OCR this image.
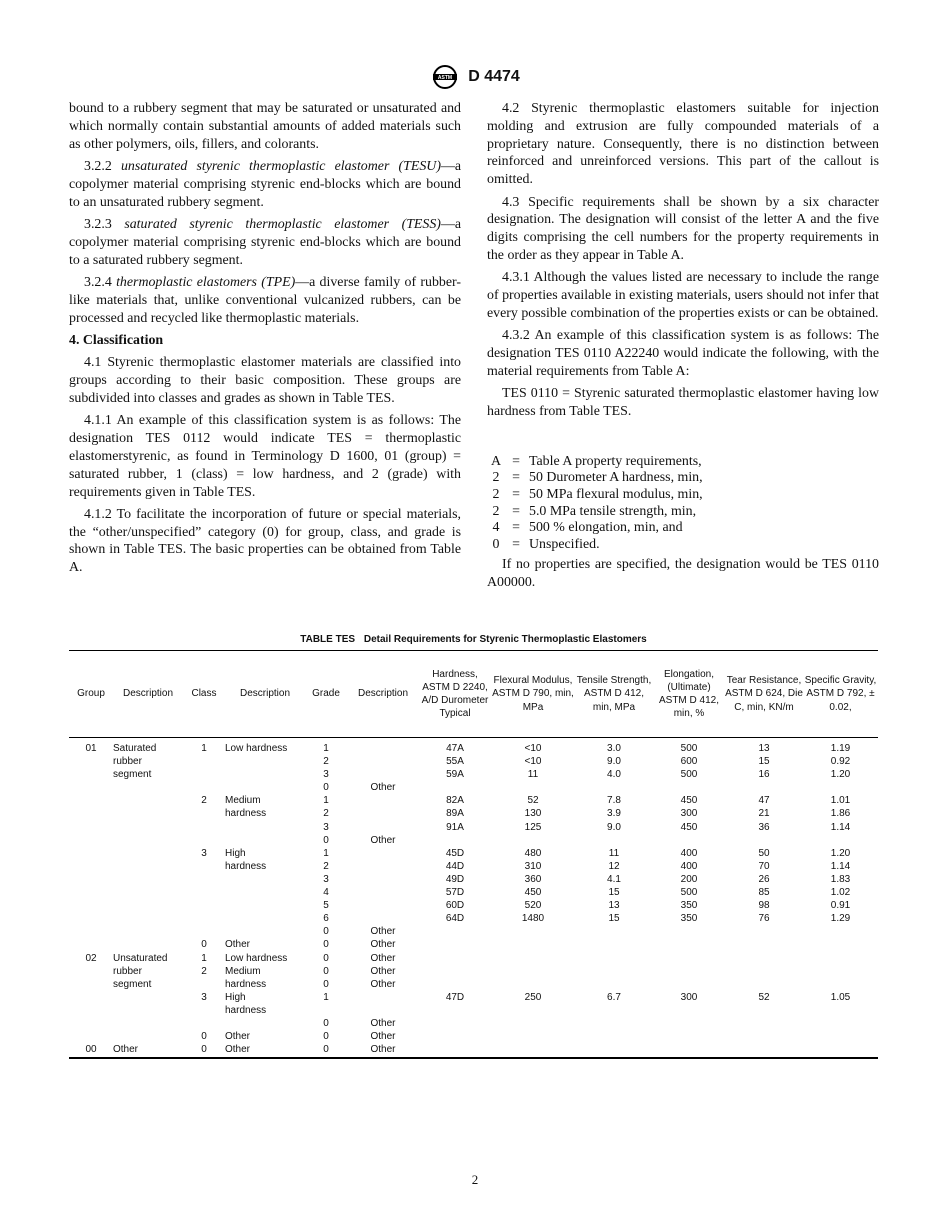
ASTM D 4474

bound to a rubbery segment that may be saturated or unsaturated and which normally contain substantial amounts of added materials such as other polymers, oils, fillers, and colorants.

3.2.2 unsaturated styrenic thermoplastic elastomer (TESU)—a copolymer material comprising styrenic end-blocks which are bound to an unsaturated rubbery segment.

3.2.3 saturated styrenic thermoplastic elastomer (TESS)—a copolymer material comprising styrenic end-blocks which are bound to a saturated rubbery segment.

3.2.4 thermoplastic elastomers (TPE)—a diverse family of rubber-like materials that, unlike conventional vulcanized rubbers, can be processed and recycled like thermoplastic materials.

4. Classification

4.1 Styrenic thermoplastic elastomer materials are classified into groups according to their basic composition. These groups are subdivided into classes and grades as shown in Table TES.

4.1.1 An example of this classification system is as follows: The designation TES 0112 would indicate TES = thermoplastic elastomerstyrenic, as found in Terminology D 1600, 01 (group) = saturated rubber, 1 (class) = low hardness, and 2 (grade) with requirements given in Table TES.

4.1.2 To facilitate the incorporation of future or special materials, the “other/unspecified” category (0) for group, class, and grade is shown in Table TES. The basic properties can be obtained from Table A.

4.2 Styrenic thermoplastic elastomers suitable for injection molding and extrusion are fully compounded materials of a proprietary nature. Consequently, there is no distinction between reinforced and unreinforced versions. This part of the callout is omitted.

4.3 Specific requirements shall be shown by a six character designation. The designation will consist of the letter A and the five digits comprising the cell numbers for the property requirements in the order as they appear in Table A.

4.3.1 Although the values listed are necessary to include the range of properties available in existing materials, users should not infer that every possible combination of the properties exists or can be obtained.

4.3.2 An example of this classification system is as follows: The designation TES 0110 A22240 would indicate the following, with the material requirements from Table A:

TES 0110 = Styrenic saturated thermoplastic elastomer having low hardness from Table TES.

A	=	Table A property requirements,
2	=	50 Durometer A hardness, min,
2	=	50 MPa flexural modulus, min,
2	=	5.0 MPa tensile strength, min,
4	=	500 % elongation, min, and
0	=	Unspecified.

If no properties are specified, the designation would be TES 0110 A00000.

TABLE TES Detail Requirements for Styrenic Thermoplastic Elastomers
Group	Description	Class	Description	Grade	Description	Hardness, ASTM D 2240, A/D Durometer Typical	Flexural Modulus, ASTM D 790, min, MPa	Tensile Strength, ASTM D 412, min, MPa	Elongation, (Ultimate) ASTM D 412, min, %	Tear Resistance, ASTM D 624, Die C, min, KN/m	Specific Gravity, ASTM D 792, ± 0.02,
01	Saturated	1	Low hardness	1		47A	<10	3.0	500	13	1.19
	rubber			2		55A	<10	9.0	600	15	0.92
	segment			3		59A	11	4.0	500	16	1.20
				0	Other						
		2	Medium	1		82A	52	7.8	450	47	1.01
			hardness	2		89A	130	3.9	300	21	1.86
				3		91A	125	9.0	450	36	1.14
				0	Other						
		3	High	1		45D	480	11	400	50	1.20
			hardness	2		44D	310	12	400	70	1.14
				3		49D	360	4.1	200	26	1.83
				4		57D	450	15	500	85	1.02
				5		60D	520	13	350	98	0.91
				6		64D	1480	15	350	76	1.29
				0	Other						
		0	Other	0	Other						
02	Unsaturated	1	Low hardness	0	Other						
	rubber	2	Medium	0	Other						
	segment		hardness	0	Other						
		3	High	1		47D	250	6.7	300	52	1.05
			hardness								
				0	Other						
		0	Other	0	Other						
00	Other	0	Other	0	Other						
2
